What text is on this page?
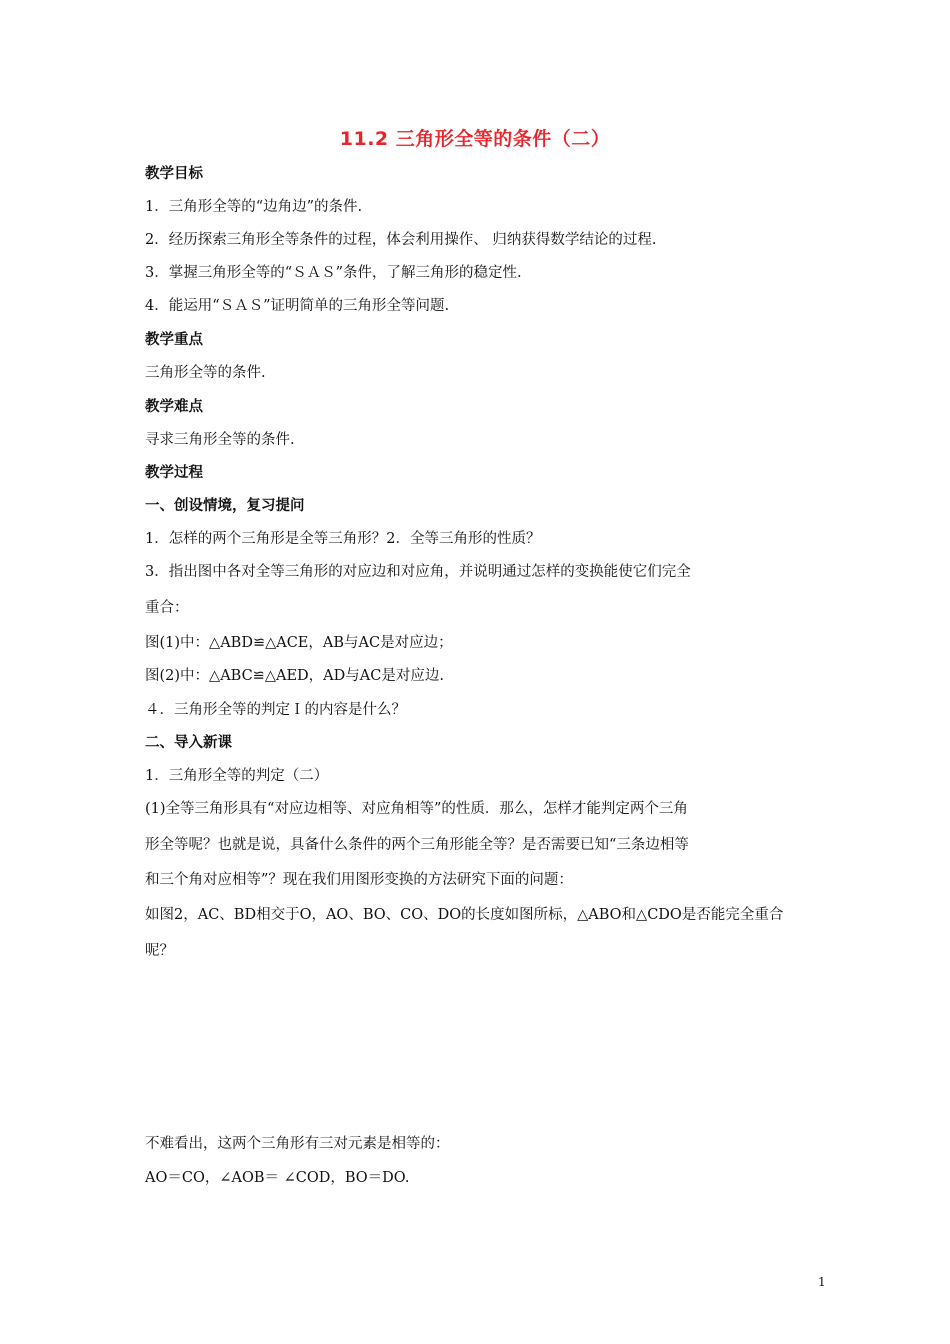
11.2 三角形全等的条件（二）
教学目标
1．三角形全等的“边角边”的条件.
2．经历探索三角形全等条件的过程，体会利用操作、 归纳获得数学结论的过程.
3．掌握三角形全等的“ＳＡＳ”条件，了解三角形的稳定性.
4．能运用“ＳＡＳ”证明简单的三角形全等问题.
教学重点
三角形全等的条件.
教学难点
寻求三角形全等的条件.
教学过程
一、创设情境，复习提问
1．怎样的两个三角形是全等三角形？2．全等三角形的性质？
3．指出图中各对全等三角形的对应边和对应角，并说明通过怎样的变换能使它们完全
重合：
图(1)中：△ABD≌△ACE，AB与AC是对应边；
图(2)中：△ABC≌△AED，AD与AC是对应边.
４．三角形全等的判定Ｉ的内容是什么？
二、导入新课
1．三角形全等的判定（二）
(1)全等三角形具有“对应边相等、对应角相等”的性质．那么，怎样才能判定两个三角
形全等呢？也就是说，具备什么条件的两个三角形能全等？是否需要已知“三条边相等
和三个角对应相等”？现在我们用图形变换的方法研究下面的问题：
如图2，AC、BD相交于O，AO、BO、CO、DO的长度如图所标，△ABO和△CDO是否能完全重合
呢？
不难看出，这两个三角形有三对元素是相等的：
AO＝CO，∠AOB＝ ∠COD，BO＝DO.
1
